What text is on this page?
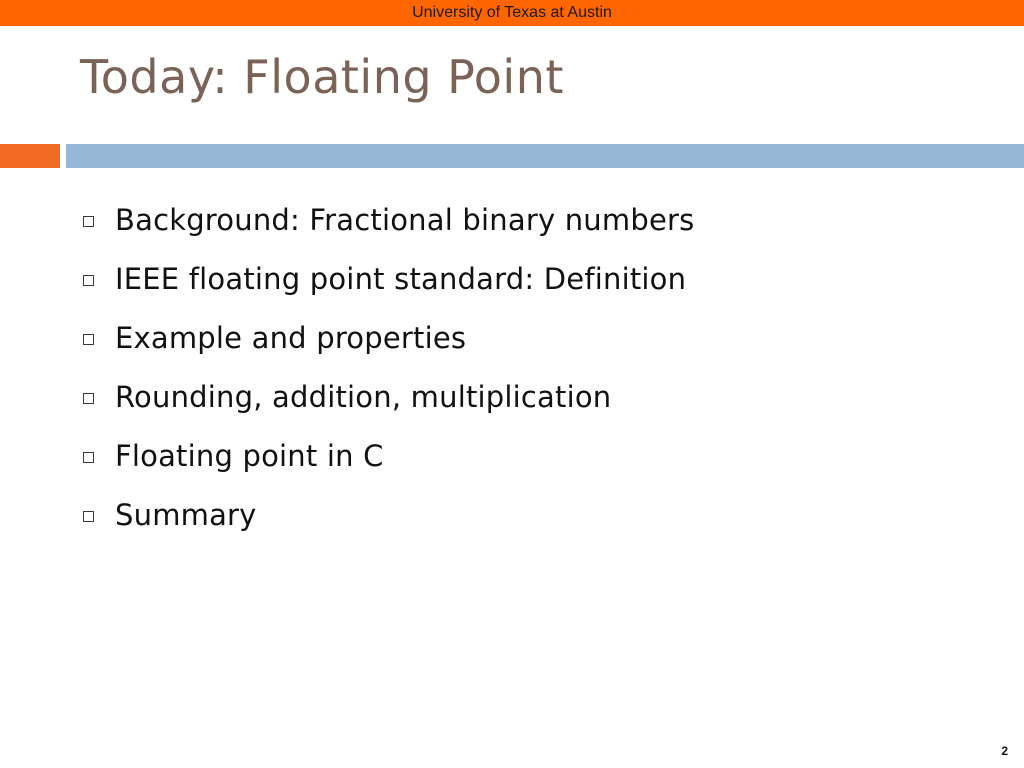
University of Texas at Austin
Today: Floating Point
Background: Fractional binary numbers
IEEE floating point standard: Definition
Example and properties
Rounding, addition, multiplication
Floating point in C
Summary
2
